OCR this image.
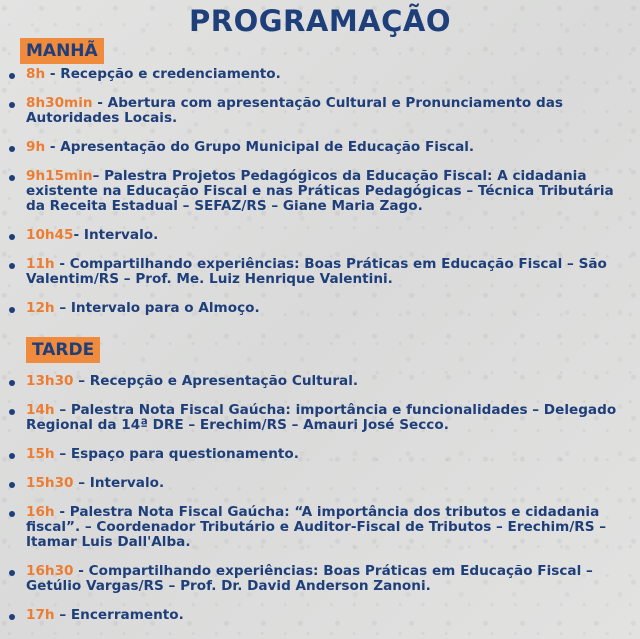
PROGRAMAÇÃO
MANHÃ
8h - Recepção e credenciamento.
8h30min - Abertura com apresentação Cultural e Pronunciamento das Autoridades Locais.
9h - Apresentação do Grupo Municipal de Educação Fiscal.
9h15min– Palestra Projetos Pedagógicos da Educação Fiscal: A cidadania existente na Educação Fiscal e nas Práticas Pedagógicas – Técnica Tributária da Receita Estadual – SEFAZ/RS – Giane Maria Zago.
10h45- Intervalo.
11h - Compartilhando experiências: Boas Práticas em Educação Fiscal – São Valentim/RS – Prof. Me. Luiz Henrique Valentini.
12h – Intervalo para o Almoço.
TARDE
13h30 – Recepção e Apresentação Cultural.
14h – Palestra Nota Fiscal Gaúcha: importância e funcionalidades – Delegado Regional da 14ª DRE – Erechim/RS – Amauri José Secco.
15h – Espaço para questionamento.
15h30 – Intervalo.
16h - Palestra Nota Fiscal Gaúcha: “A importância dos tributos e cidadania fiscal”. – Coordenador Tributário e Auditor-Fiscal de Tributos – Erechim/RS – Itamar Luis Dall'Alba.
16h30 - Compartilhando experiências: Boas Práticas em Educação Fiscal – Getúlio Vargas/RS – Prof. Dr. David Anderson Zanoni.
17h – Encerramento.
